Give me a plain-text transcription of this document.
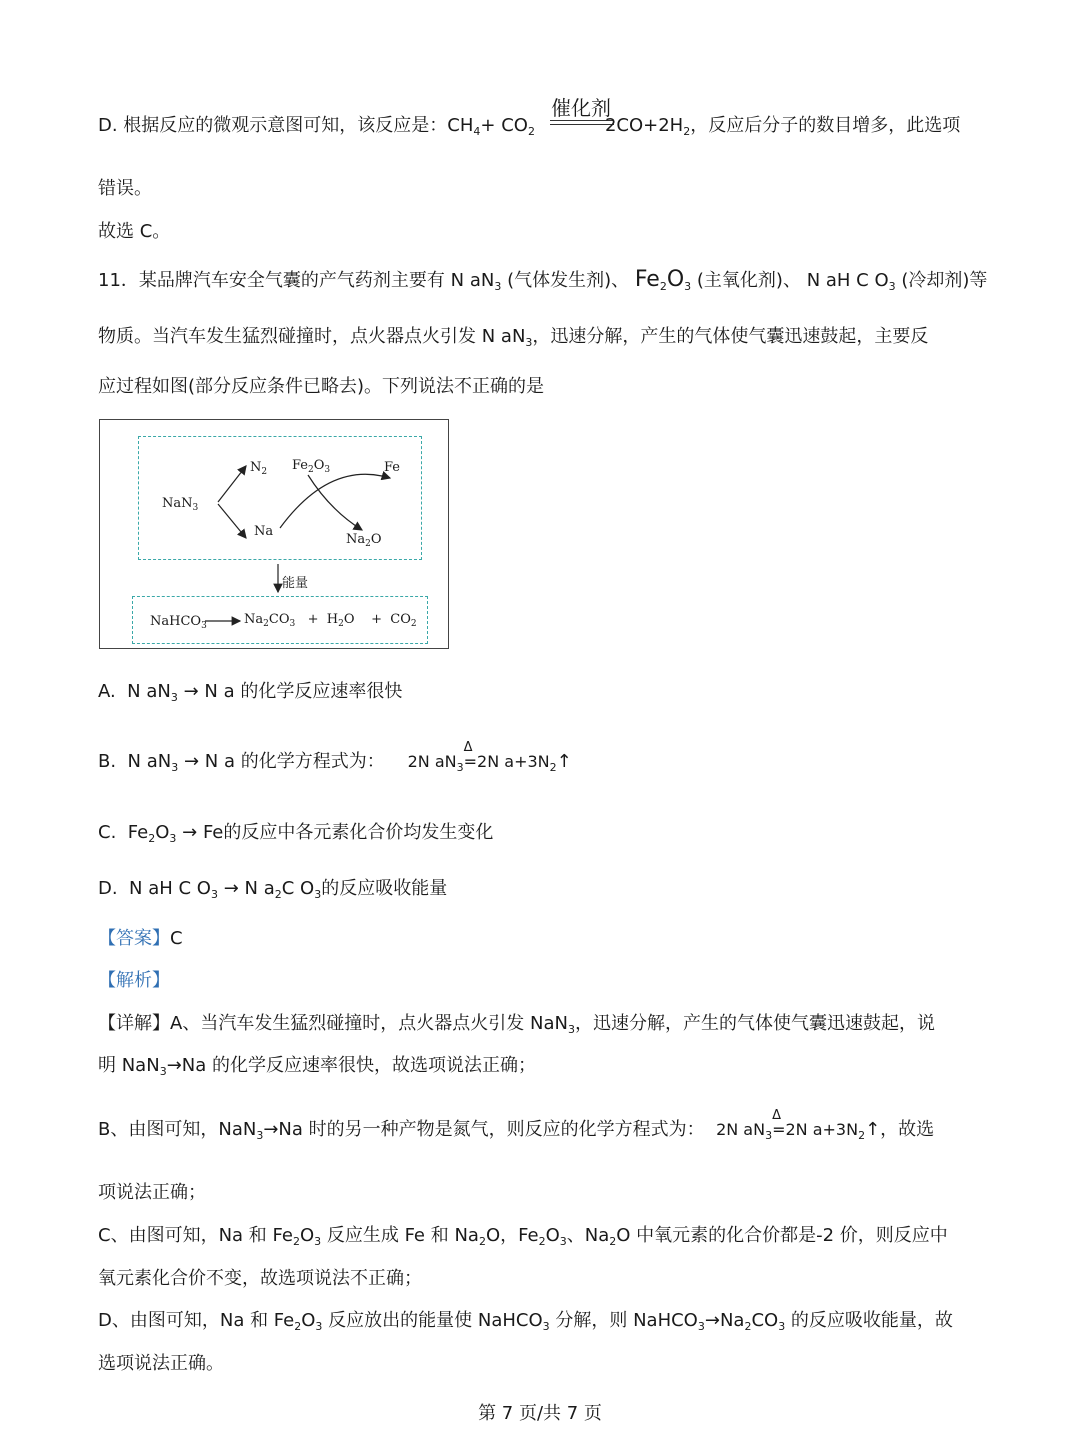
催化剂
D. 根据反应的微观示意图可知，该反应是：$CH_4+ CO_2$	$2CO+2H_2$，反应后分子的数目增多，此选项
错误。
故选 C。
11．某品牌汽车安全气囊的产气药剂主要有 N $aN_3$ (气体发生剂)、 $Fe_2O_3$ (主氧化剂)、 N aH C $O_3$ (冷却剂)等
物质。当汽车发生猛烈碰撞时，点火器点火引发 N $aN_3$，迅速分解，产生的气体使气囊迅速鼓起，主要反
应过程如图(部分反应条件已略去)。下列说法不正确的是
NaN$_3$
$N_2$
Na
$Fe_2O_3$	Fe
$Na_2O$
能量
NaHCO$_3$	$Na_2CO_3 + H_2O + CO_2$
A. N $aN_3 \to N$ a 的化学反应速率很快
B. N $aN_3 \to N$ a 的化学方程式为： 2N $aN_3$
Δ
=2N $a+3N_2↑$
C. $Fe_2O_3 \to Fe$的反应中各元素化合价均发生变化
D. N aH C $O_3 \to N$ $a_2C$ $O_3$的反应吸收能量
【答案】C
【解析】
【详解】A、当汽车发生猛烈碰撞时，点火器点火引发 NaN$_3$，迅速分解，产生的气体使气囊迅速鼓起，说
明 NaN$_3$→Na 的化学反应速率很快，故选项说法正确；
B、由图可知，NaN$_3$→Na 时的另一种产物是氮气，则反应的化学方程式为： 2N $aN_3$
Δ
=2N $a+3N_2↑$，故选
项说法正确；
C、由图可知，Na 和 $Fe_2O_3$ 反应生成 Fe 和 $Na_2O$，$Fe_2O_3$、$Na_2O$ 中氧元素的化合价都是-2 价，则反应中
氧元素化合价不变，故选项说法不正确；
D、由图可知，Na 和 $Fe_2O_3$ 反应放出的能量使 NaHCO$_3$ 分解，则 $NaHCO_3\to Na_2CO_3$ 的反应吸收能量，故
选项说法正确。
第 7 页/共 7 页
